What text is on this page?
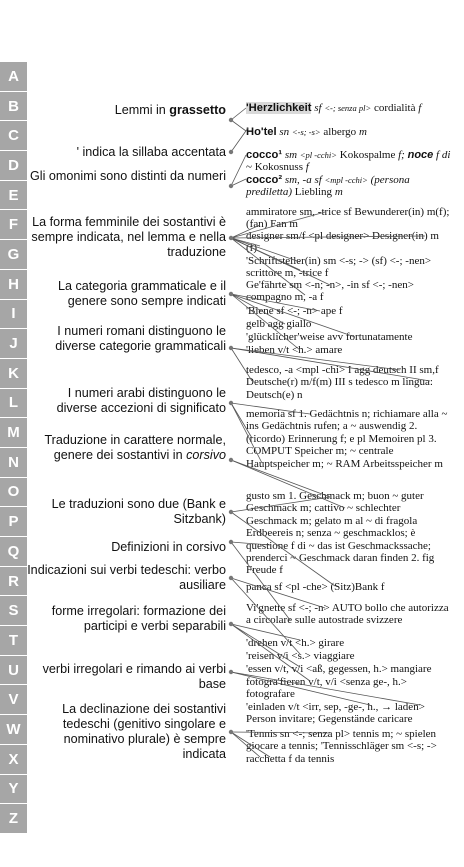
A
B
C
D
E
F
G
H
I
J
K
L
M
N
O
P
Q
R
S
T
U
V
W
X
Y
Z
Lemmi in grassetto
' indica la sillaba accentata
Gli omonimi sono distinti da numeri
La forma femminile dei sostantivi è sempre indicata, nel lemma e nella traduzione
La categoria grammaticale e il genere sono sempre indicati
I numeri romani distinguono le diverse categorie grammaticali
I numeri arabi distinguono le diverse accezioni di significato
Traduzione in carattere normale, genere dei sostantivi in corsivo
Le traduzioni sono due (Bank e Sitzbank)
Definizioni in corsivo
Indicazioni sui verbi tedeschi: verbo ausiliare
forme irregolari: formazione dei participi e verbi separabili
verbi irregolari e rimando ai verbi base
La declinazione dei sostantivi tedeschi (genitivo singolare e nominativo plurale) è sempre indicata
'Herzlichkeit sf <-; senza pl> cordialità f
Ho'tel sn <-s; -s> albergo m
cocco¹ sm <pl -cchi> Kokospalme f; noce f di ~ Kokosnuss f
cocco² sm, -a sf <mpl -cchi> (persona prediletta) Liebling m
ammiratore sm, -trice sf Bewunderer(in) m(f); (fan) Fan m
designer sm/f <pl designer> Designer(in) m (f)
'Schriftsteller(in) sm <-s; -> (sf) <-; -nen> scrittore m, -trice f
Ge'fährte sm <-n; -n>, -in sf <-; -nen> compagno m, -a f
'Biene sf <-; -n> ape f
gelb agg giallo
'glücklicher'weise avv fortunatamente
'lieben v/t <h.> amare
tedesco, -a <mpl -chi> I agg deutsch II sm,f Deutsche(r) m/f(m) III s tedesco m lingua: Deutsch(e) n
memoria sf 1. Gedächtnis n; richiamare alla ~ ins Gedächtnis rufen; a ~ auswendig 2. (ricordo) Erinnerung f; e pl Memoiren pl 3. COMPUT Speicher m; ~ centrale Hauptspeicher m; ~ RAM Arbeitsspeicher m
gusto sm 1. Geschmack m; buon ~ guter Geschmack m; cattivo ~ schlechter Geschmack m; gelato m al ~ di fragola Erdbeereis n; senza ~ geschmacklos; è questione f di ~ das ist Geschmackssache; prenderci ~ Geschmack daran finden 2. fig Freude f
panca sf <pl -che> (Sitz)Bank f
Vi'gnette sf <-; -n> AUTO bollo che autorizza a circolare sulle autostrade svizzere
'drehen v/t <h.> girare
'reisen v/i <s.> viaggiare
'essen v/t, v/i <aß, gegessen, h.> mangiare
fotogra'fieren v/t, v/i <senza ge-, h.> fotografare
'einladen v/t <irr, sep, -ge-, h., → laden> Person invitare; Gegenstände caricare
'Tennis sn <-; senza pl> tennis m; ~ spielen giocare a tennis; 'Tennisschläger sm <-s; -> racchetta f da tennis
